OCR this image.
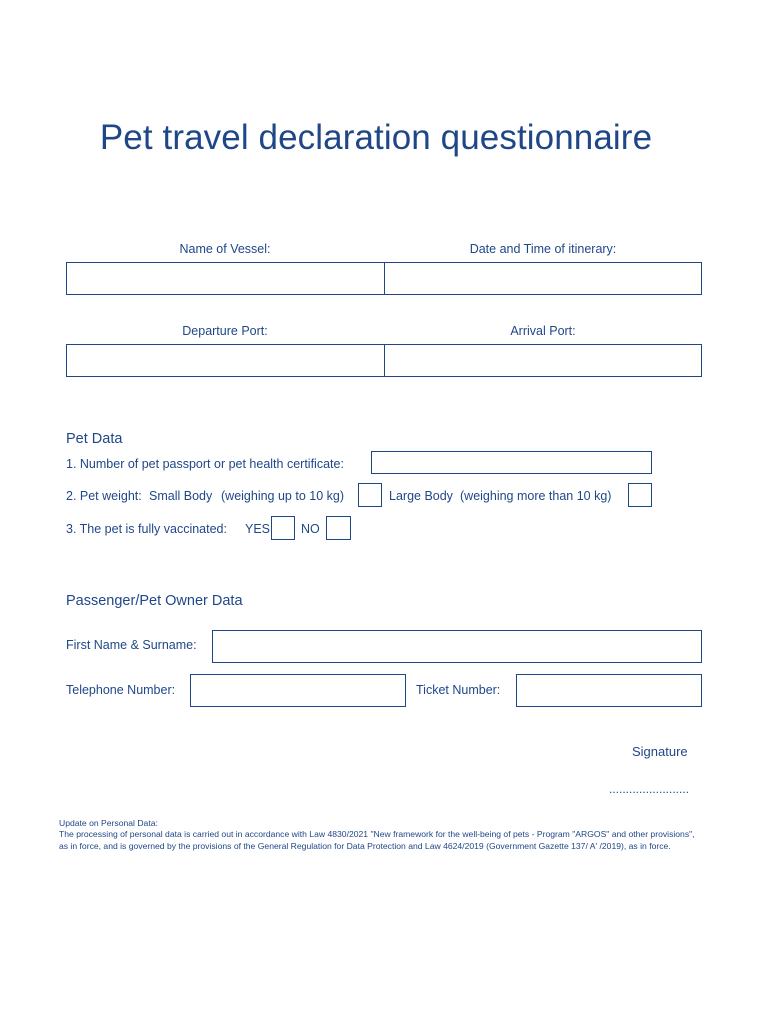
Pet travel declaration questionnaire
Name of Vessel:	Date and Time of itinerary:
Departure Port:	Arrival Port:
Pet Data
1. Number of pet passport or pet health certificate:
2. Pet weight: Small Body (weighing up to 10 kg)	Large Body (weighing more than 10 kg)
3. The pet is fully vaccinated: YES NO
Passenger/Pet Owner Data
First Name & Surname:
Telephone Number:	Ticket Number:
Signature
........................
Update on Personal Data:
The processing of personal data is carried out in accordance with Law 4830/2021 "New framework for the well-being of pets - Program "ARGOS" and other provisions", as in force, and is governed by the provisions of the General Regulation for Data Protection and Law 4624/2019 (Government Gazette 137/ A' /2019), as in force.
